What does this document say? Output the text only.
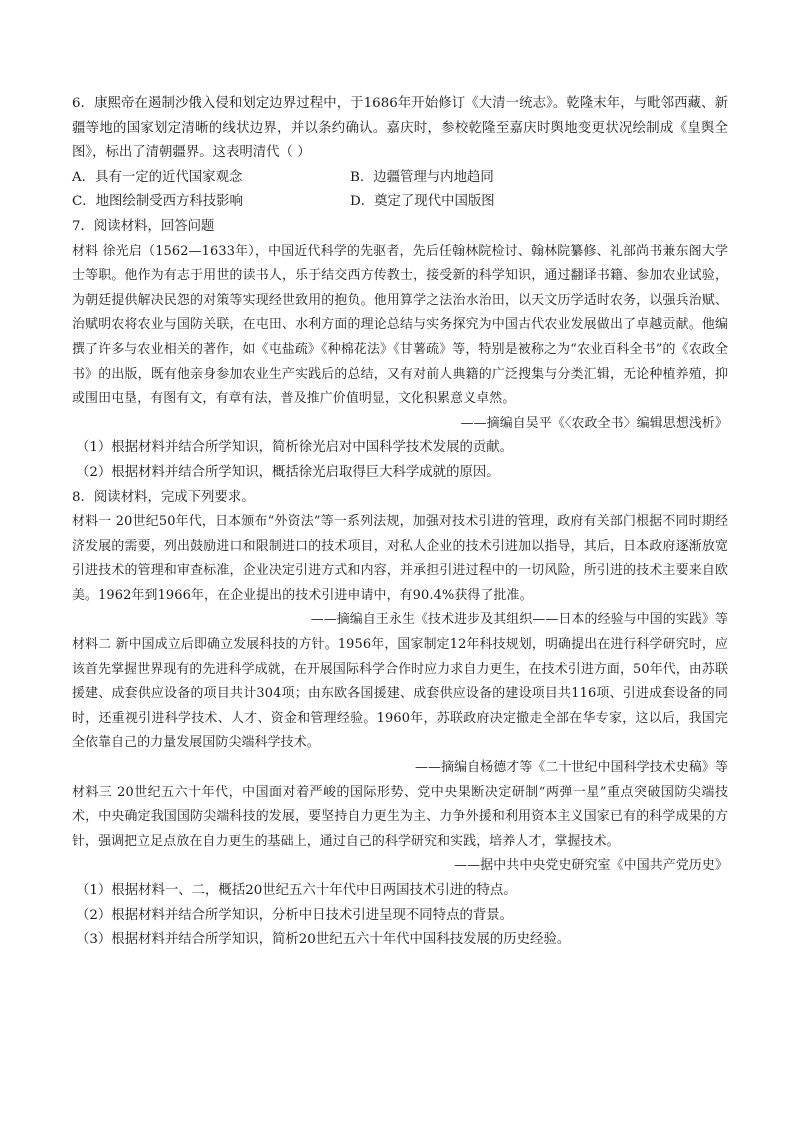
6．康熙帝在遏制沙俄入侵和划定边界过程中，于1686年开始修订《大清一统志》。乾隆末年，与毗邻西藏、新疆等地的国家划定清晰的线状边界，并以条约确认。嘉庆时，参校乾隆至嘉庆时舆地变更状况绘制成《皇舆全图》，标出了清朝疆界。这表明清代（ ）

A．具有一定的近代国家观念	B．边疆管理与内地趋同

C．地图绘制受西方科技影响	D．奠定了现代中国版图

7．阅读材料，回答问题

材料 徐光启（1562—1633年），中国近代科学的先驱者，先后任翰林院检讨、翰林院纂修、礼部尚书兼东阁大学士等职。他作为有志于用世的读书人，乐于结交西方传教士，接受新的科学知识，通过翻译书籍、参加农业试验，为朝廷提供解决民怨的对策等实现经世致用的抱负。他用算学之法治水治田，以天文历学适时农务，以强兵治赋、治赋明农将农业与国防关联，在屯田、水利方面的理论总结与实务探究为中国古代农业发展做出了卓越贡献。他编撰了许多与农业相关的著作，如《屯盐疏》《种棉花法》《甘薯疏》等，特别是被称之为“农业百科全书”的《农政全书》的出版，既有他亲身参加农业生产实践后的总结，又有对前人典籍的广泛搜集与分类汇辑，无论种植养殖，抑或围田屯垦，有图有文，有章有法，普及推广价值明显，文化积累意义卓然。

——摘编自吴平《〈农政全书〉编辑思想浅析》

（1）根据材料并结合所学知识，简析徐光启对中国科学技术发展的贡献。

（2）根据材料并结合所学知识，概括徐光启取得巨大科学成就的原因。

8．阅读材料，完成下列要求。

材料一 20世纪50年代，日本颁布“外资法”等一系列法规，加强对技术引进的管理，政府有关部门根据不同时期经济发展的需要，列出鼓励进口和限制进口的技术项目，对私人企业的技术引进加以指导，其后，日本政府逐渐放宽引进技术的管理和审查标准，企业决定引进方式和内容，并承担引进过程中的一切风险，所引进的技术主要来自欧美。1962年到1966年，在企业提出的技术引进申请中，有90.4%获得了批准。

——摘编自王永生《技术进步及其组织——日本的经验与中国的实践》等

材料二 新中国成立后即确立发展科技的方针。1956年，国家制定12年科技规划，明确提出在进行科学研究时，应该首先掌握世界现有的先进科学成就，在开展国际科学合作时应力求自力更生，在技术引进方面，50年代，由苏联援建、成套供应设备的项目共计304项；由东欧各国援建、成套供应设备的建设项目共116项、引进成套设备的同时，还重视引进科学技术、人才、资金和管理经验。1960年，苏联政府决定撤走全部在华专家，这以后，我国完全依靠自己的力量发展国防尖端科学技术。

——摘编自杨德才等《二十世纪中国科学技术史稿》等

材料三 20世纪五六十年代，中国面对着严峻的国际形势、党中央果断决定研制“两弹一星”重点突破国防尖端技术，中央确定我国国防尖端科技的发展，要坚持自力更生为主、力争外援和利用资本主义国家已有的科学成果的方针，强调把立足点放在自力更生的基础上，通过自己的科学研究和实践，培养人才，掌握技术。

——据中共中央党史研究室《中国共产党历史》

（1）根据材料一、二，概括20世纪五六十年代中日两国技术引进的特点。

（2）根据材料并结合所学知识，分析中日技术引进呈现不同特点的背景。

（3）根据材料并结合所学知识，简析20世纪五六十年代中国科技发展的历史经验。
